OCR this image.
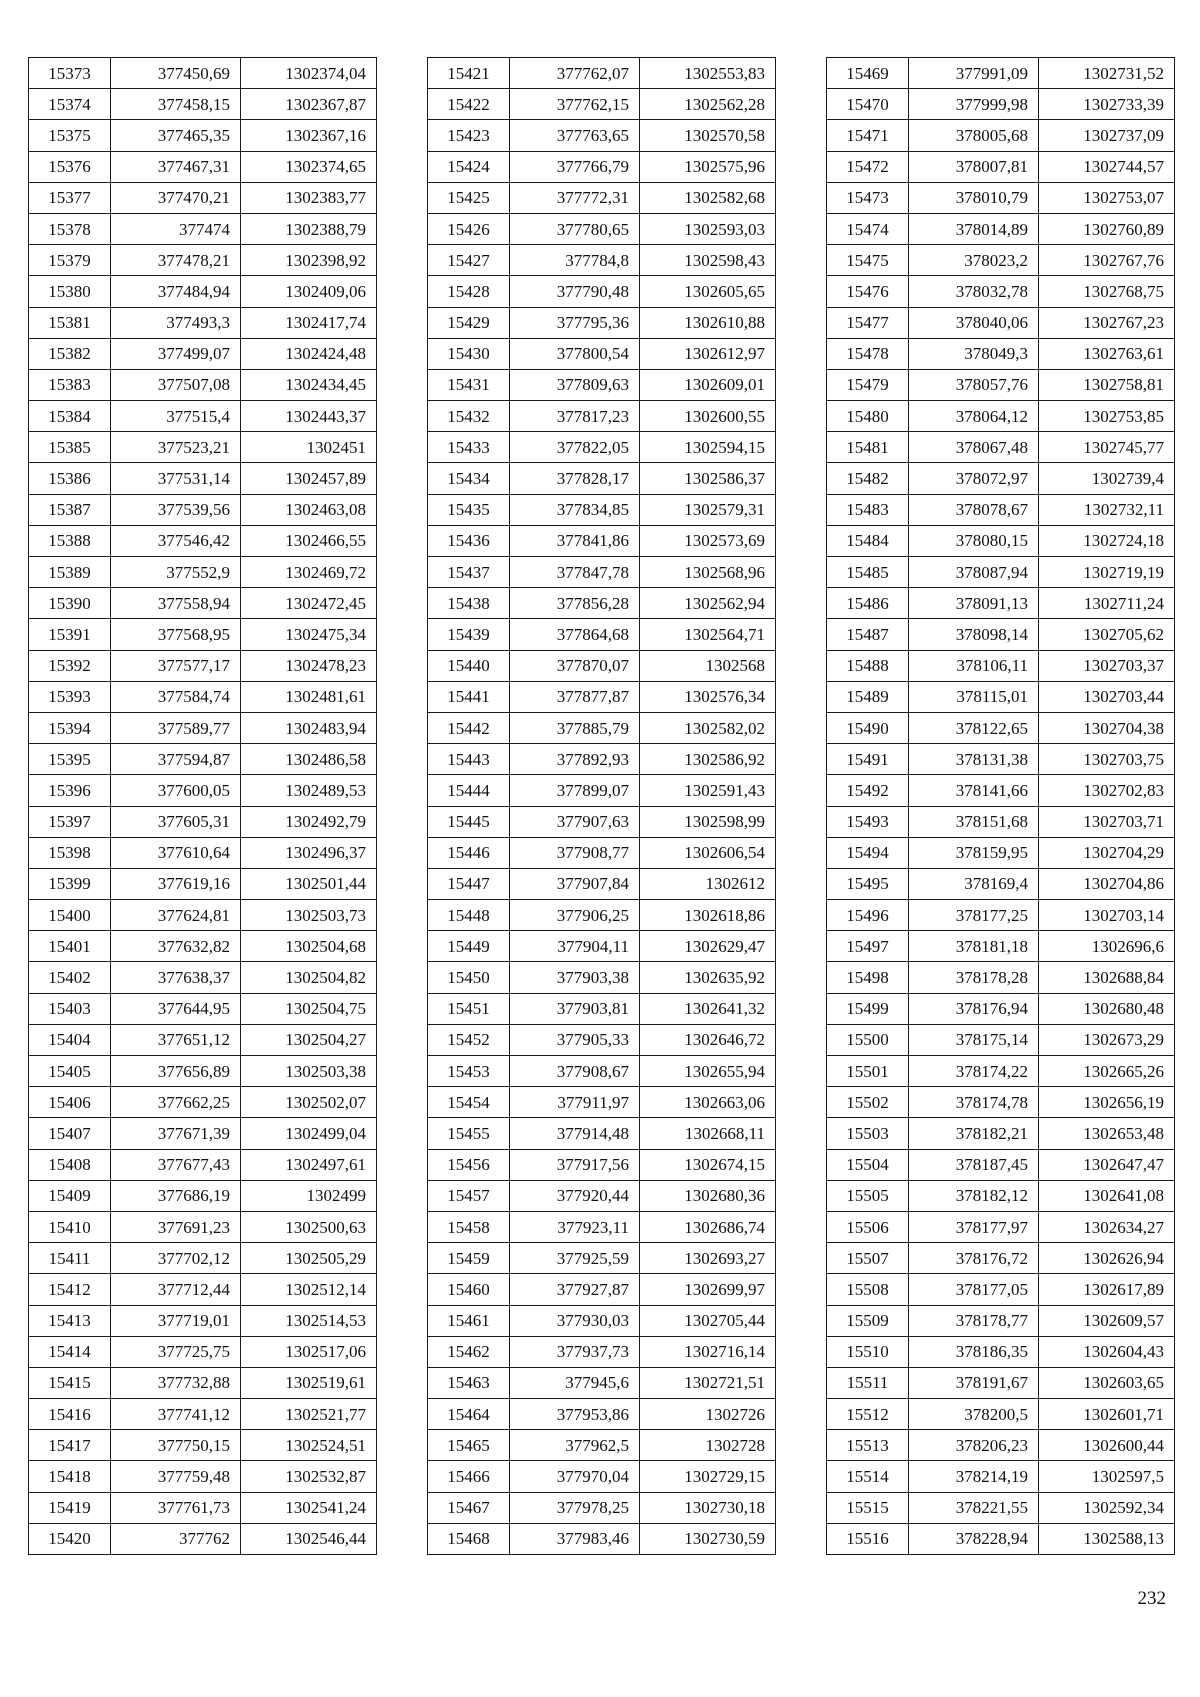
15373	377450,69	1302374,04
15374	377458,15	1302367,87
15375	377465,35	1302367,16
15376	377467,31	1302374,65
15377	377470,21	1302383,77
15378	377474	1302388,79
15379	377478,21	1302398,92
15380	377484,94	1302409,06
15381	377493,3	1302417,74
15382	377499,07	1302424,48
15383	377507,08	1302434,45
15384	377515,4	1302443,37
15385	377523,21	1302451
15386	377531,14	1302457,89
15387	377539,56	1302463,08
15388	377546,42	1302466,55
15389	377552,9	1302469,72
15390	377558,94	1302472,45
15391	377568,95	1302475,34
15392	377577,17	1302478,23
15393	377584,74	1302481,61
15394	377589,77	1302483,94
15395	377594,87	1302486,58
15396	377600,05	1302489,53
15397	377605,31	1302492,79
15398	377610,64	1302496,37
15399	377619,16	1302501,44
15400	377624,81	1302503,73
15401	377632,82	1302504,68
15402	377638,37	1302504,82
15403	377644,95	1302504,75
15404	377651,12	1302504,27
15405	377656,89	1302503,38
15406	377662,25	1302502,07
15407	377671,39	1302499,04
15408	377677,43	1302497,61
15409	377686,19	1302499
15410	377691,23	1302500,63
15411	377702,12	1302505,29
15412	377712,44	1302512,14
15413	377719,01	1302514,53
15414	377725,75	1302517,06
15415	377732,88	1302519,61
15416	377741,12	1302521,77
15417	377750,15	1302524,51
15418	377759,48	1302532,87
15419	377761,73	1302541,24
15420	377762	1302546,44
15421	377762,07	1302553,83
15422	377762,15	1302562,28
15423	377763,65	1302570,58
15424	377766,79	1302575,96
15425	377772,31	1302582,68
15426	377780,65	1302593,03
15427	377784,8	1302598,43
15428	377790,48	1302605,65
15429	377795,36	1302610,88
15430	377800,54	1302612,97
15431	377809,63	1302609,01
15432	377817,23	1302600,55
15433	377822,05	1302594,15
15434	377828,17	1302586,37
15435	377834,85	1302579,31
15436	377841,86	1302573,69
15437	377847,78	1302568,96
15438	377856,28	1302562,94
15439	377864,68	1302564,71
15440	377870,07	1302568
15441	377877,87	1302576,34
15442	377885,79	1302582,02
15443	377892,93	1302586,92
15444	377899,07	1302591,43
15445	377907,63	1302598,99
15446	377908,77	1302606,54
15447	377907,84	1302612
15448	377906,25	1302618,86
15449	377904,11	1302629,47
15450	377903,38	1302635,92
15451	377903,81	1302641,32
15452	377905,33	1302646,72
15453	377908,67	1302655,94
15454	377911,97	1302663,06
15455	377914,48	1302668,11
15456	377917,56	1302674,15
15457	377920,44	1302680,36
15458	377923,11	1302686,74
15459	377925,59	1302693,27
15460	377927,87	1302699,97
15461	377930,03	1302705,44
15462	377937,73	1302716,14
15463	377945,6	1302721,51
15464	377953,86	1302726
15465	377962,5	1302728
15466	377970,04	1302729,15
15467	377978,25	1302730,18
15468	377983,46	1302730,59
15469	377991,09	1302731,52
15470	377999,98	1302733,39
15471	378005,68	1302737,09
15472	378007,81	1302744,57
15473	378010,79	1302753,07
15474	378014,89	1302760,89
15475	378023,2	1302767,76
15476	378032,78	1302768,75
15477	378040,06	1302767,23
15478	378049,3	1302763,61
15479	378057,76	1302758,81
15480	378064,12	1302753,85
15481	378067,48	1302745,77
15482	378072,97	1302739,4
15483	378078,67	1302732,11
15484	378080,15	1302724,18
15485	378087,94	1302719,19
15486	378091,13	1302711,24
15487	378098,14	1302705,62
15488	378106,11	1302703,37
15489	378115,01	1302703,44
15490	378122,65	1302704,38
15491	378131,38	1302703,75
15492	378141,66	1302702,83
15493	378151,68	1302703,71
15494	378159,95	1302704,29
15495	378169,4	1302704,86
15496	378177,25	1302703,14
15497	378181,18	1302696,6
15498	378178,28	1302688,84
15499	378176,94	1302680,48
15500	378175,14	1302673,29
15501	378174,22	1302665,26
15502	378174,78	1302656,19
15503	378182,21	1302653,48
15504	378187,45	1302647,47
15505	378182,12	1302641,08
15506	378177,97	1302634,27
15507	378176,72	1302626,94
15508	378177,05	1302617,89
15509	378178,77	1302609,57
15510	378186,35	1302604,43
15511	378191,67	1302603,65
15512	378200,5	1302601,71
15513	378206,23	1302600,44
15514	378214,19	1302597,5
15515	378221,55	1302592,34
15516	378228,94	1302588,13
232
